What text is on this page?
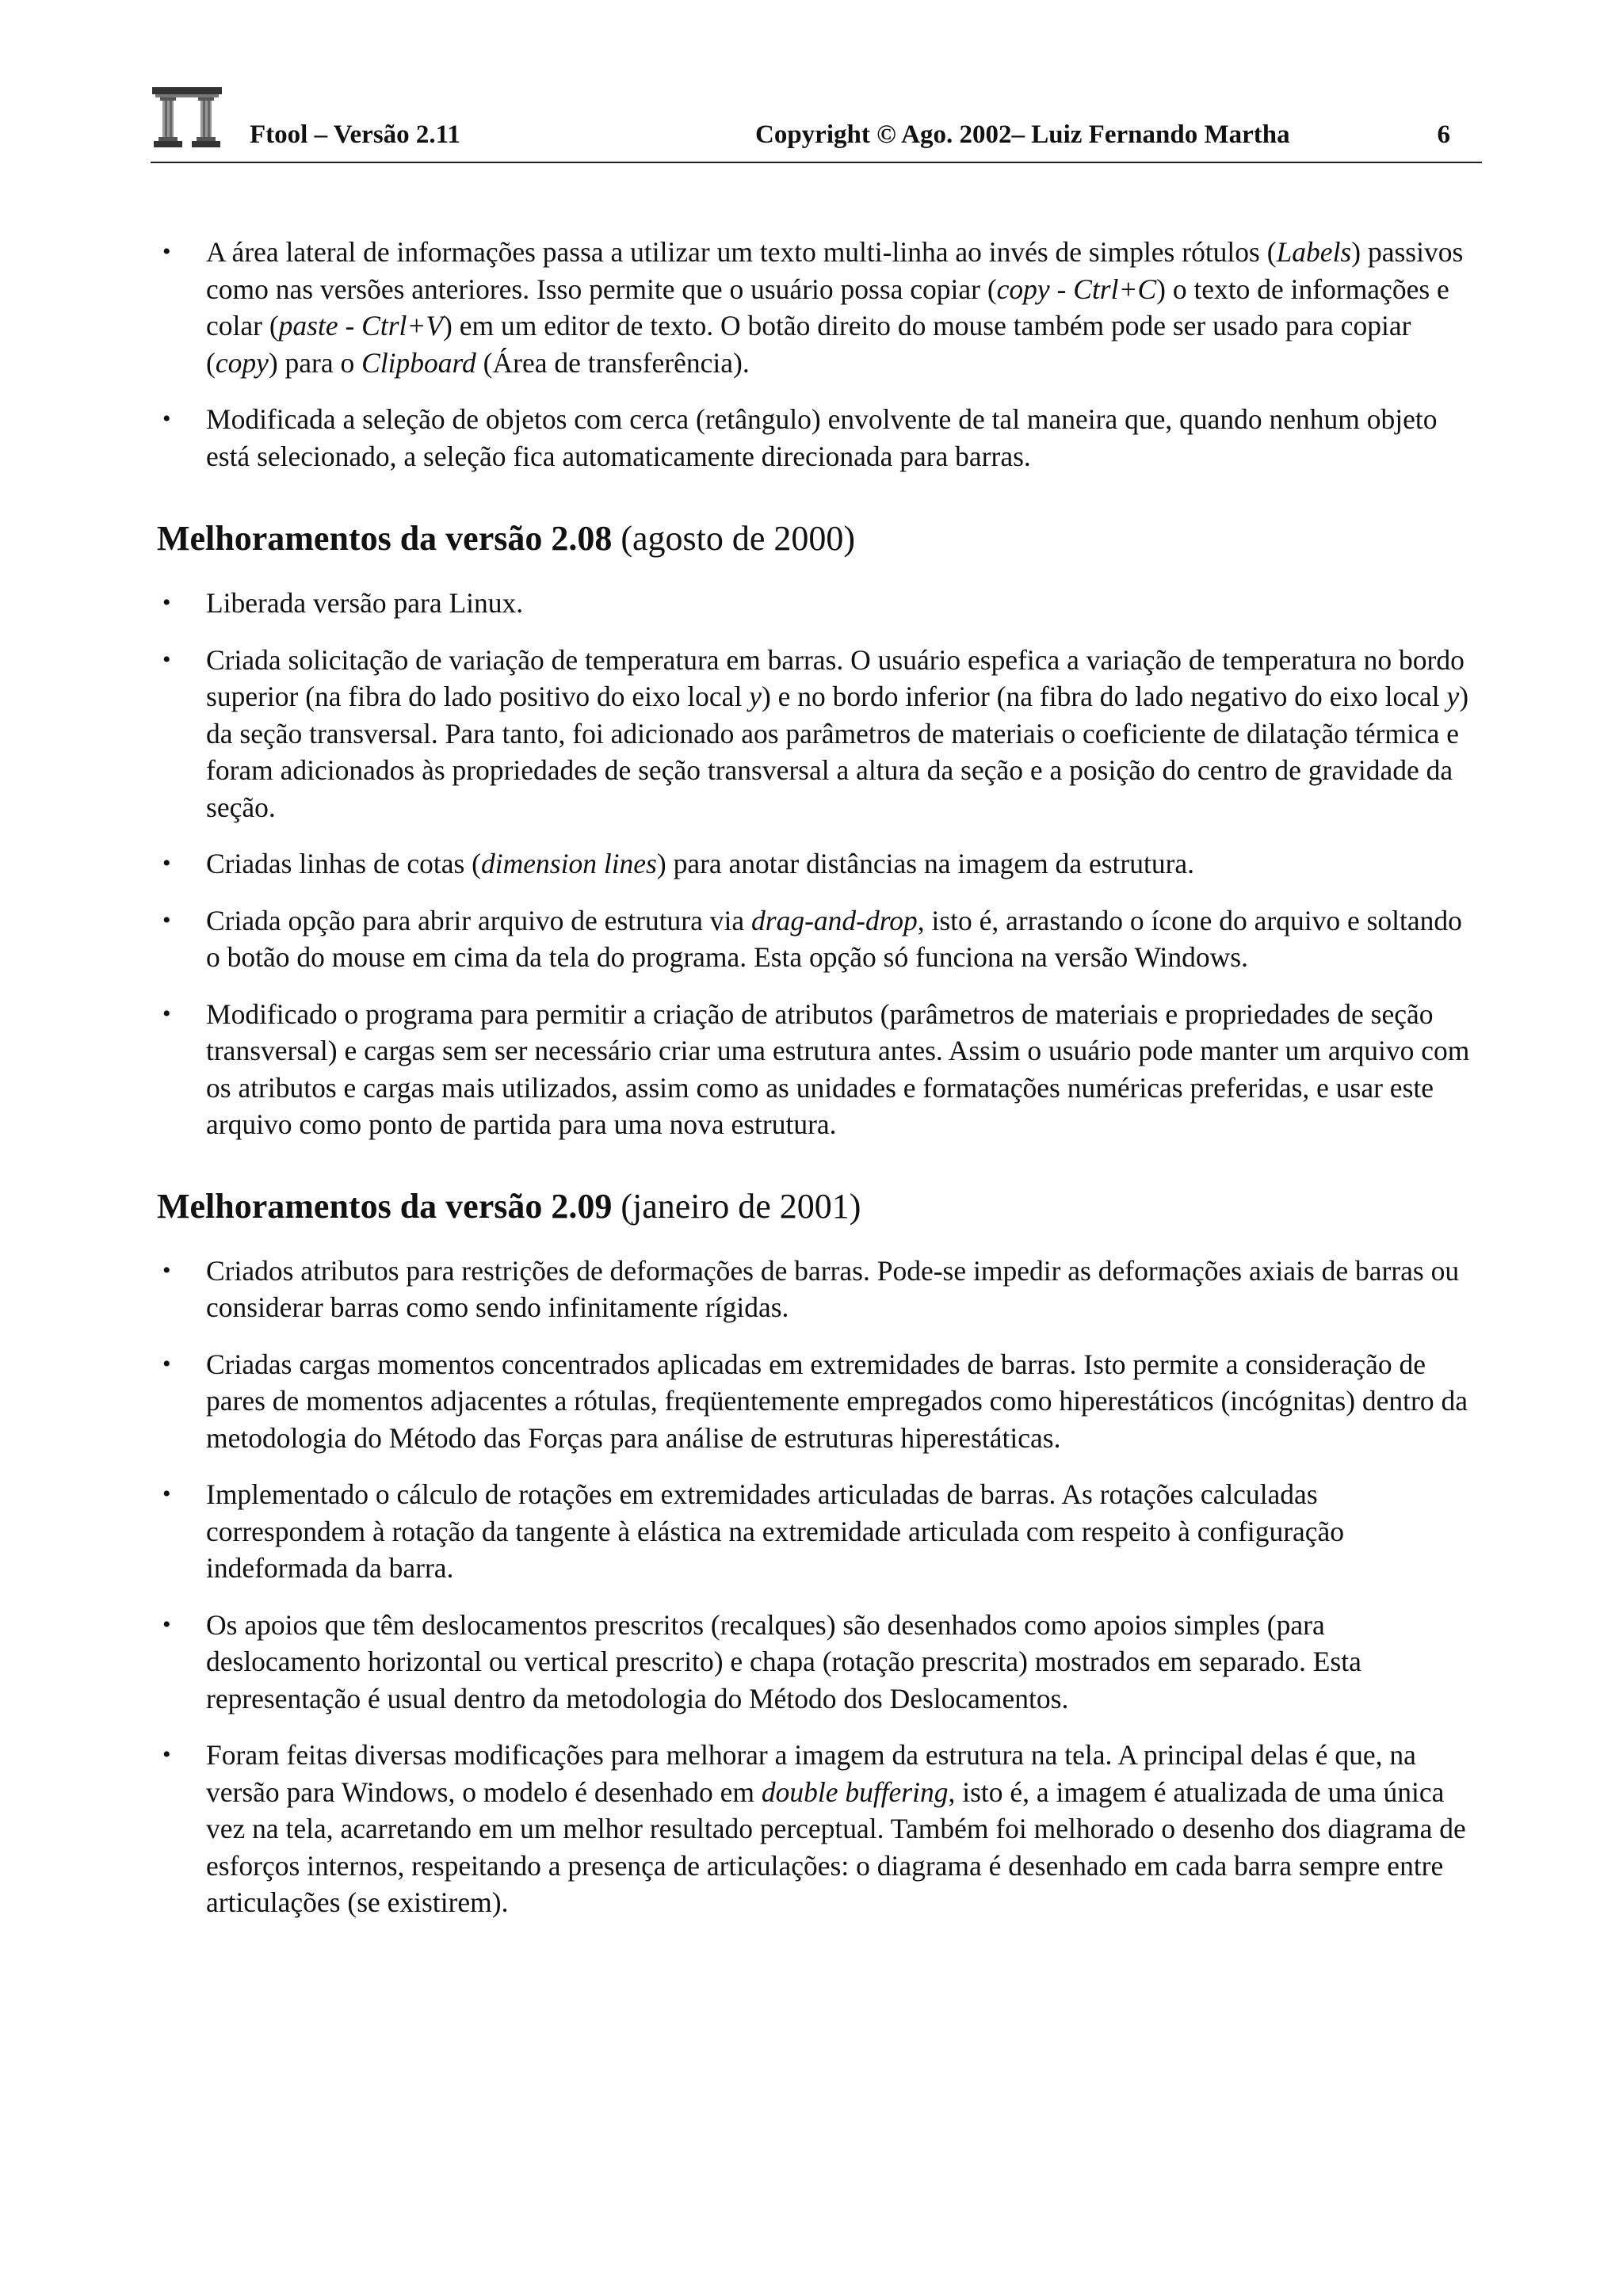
Ftool – Versão 2.11	Copyright © Ago. 2002– Luiz Fernando Martha	6
• A área lateral de informações passa a utilizar um texto multi-linha ao invés de simples rótulos (Labels) passivos como nas versões anteriores. Isso permite que o usuário possa copiar (copy - Ctrl+C) o texto de informações e colar (paste - Ctrl+V) em um editor de texto. O botão direito do mouse também pode ser usado para copiar (copy) para o Clipboard (Área de transferência).
• Modificada a seleção de objetos com cerca (retângulo) envolvente de tal maneira que, quando nenhum objeto está selecionado, a seleção fica automaticamente direcionada para barras.
Melhoramentos da versão 2.08 (agosto de 2000)
• Liberada versão para Linux.
• Criada solicitação de variação de temperatura em barras. O usuário espefica a variação de temperatura no bordo superior (na fibra do lado positivo do eixo local y) e no bordo inferior (na fibra do lado negativo do eixo local y) da seção transversal. Para tanto, foi adicionado aos parâmetros de materiais o coeficiente de dilatação térmica e foram adicionados às propriedades de seção transversal a altura da seção e a posição do centro de gravidade da seção.
• Criadas linhas de cotas (dimension lines) para anotar distâncias na imagem da estrutura.
• Criada opção para abrir arquivo de estrutura via drag-and-drop, isto é, arrastando o ícone do arquivo e soltando o botão do mouse em cima da tela do programa. Esta opção só funciona na versão Windows.
• Modificado o programa para permitir a criação de atributos (parâmetros de materiais e propriedades de seção transversal) e cargas sem ser necessário criar uma estrutura antes. Assim o usuário pode manter um arquivo com os atributos e cargas mais utilizados, assim como as unidades e formatações numéricas preferidas, e usar este arquivo como ponto de partida para uma nova estrutura.
Melhoramentos da versão 2.09 (janeiro de 2001)
• Criados atributos para restrições de deformações de barras. Pode-se impedir as deformações axiais de barras ou considerar barras como sendo infinitamente rígidas.
• Criadas cargas momentos concentrados aplicadas em extremidades de barras. Isto permite a consideração de pares de momentos adjacentes a rótulas, freqüentemente empregados como hiperestáticos (incógnitas) dentro da metodologia do Método das Forças para análise de estruturas hiperestáticas.
• Implementado o cálculo de rotações em extremidades articuladas de barras. As rotações calculadas correspondem à rotação da tangente à elástica na extremidade articulada com respeito à configuração indeformada da barra.
• Os apoios que têm deslocamentos prescritos (recalques) são desenhados como apoios simples (para deslocamento horizontal ou vertical prescrito) e chapa (rotação prescrita) mostrados em separado. Esta representação é usual dentro da metodologia do Método dos Deslocamentos.
• Foram feitas diversas modificações para melhorar a imagem da estrutura na tela. A principal delas é que, na versão para Windows, o modelo é desenhado em double buffering, isto é, a imagem é atualizada de uma única vez na tela, acarretando em um melhor resultado perceptual. Também foi melhorado o desenho dos diagrama de esforços internos, respeitando a presença de articulações: o diagrama é desenhado em cada barra sempre entre articulações (se existirem).
